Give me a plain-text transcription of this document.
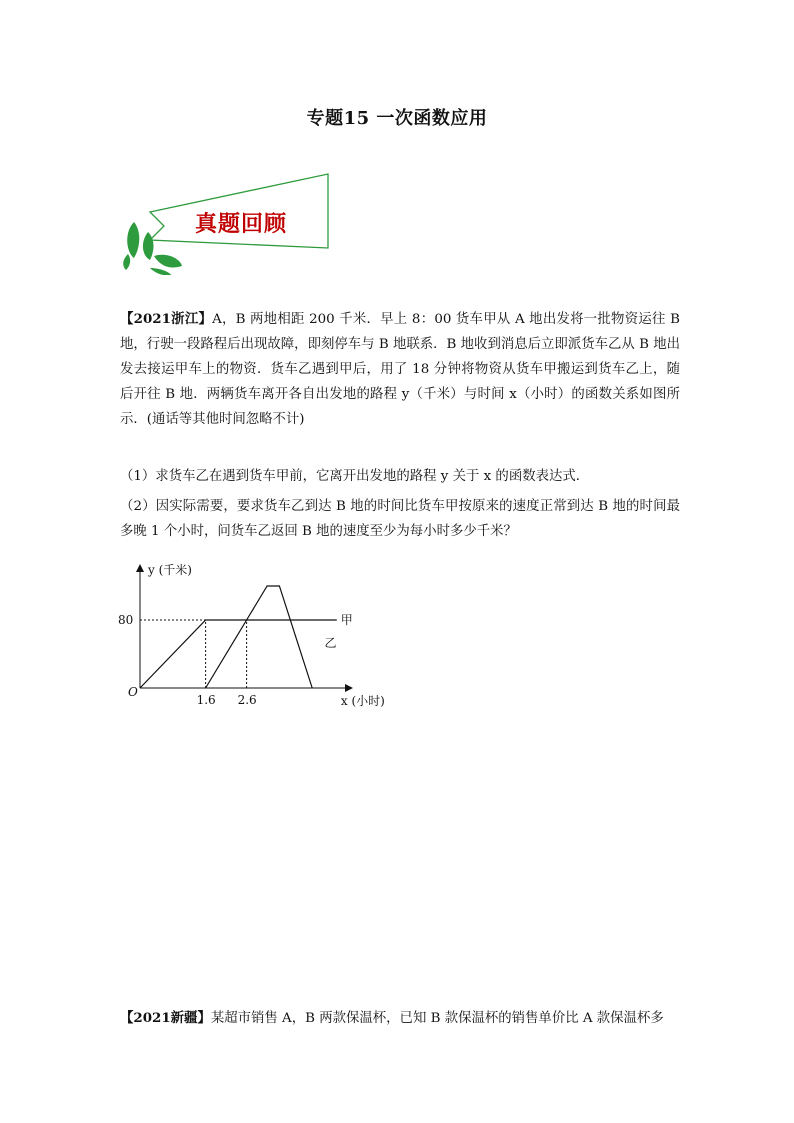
专题15 一次函数应用
真题回顾

【2021浙江】A，B 两地相距 200 千米．早上 8：00 货车甲从 A 地出发将一批物资运往 B 地，行驶一段路程后出现故障，即刻停车与 B 地联系．B 地收到消息后立即派货车乙从 B 地出发去接运甲车上的物资．货车乙遇到甲后，用了 18 分钟将物资从货车甲搬运到货车乙上，随后开往 B 地．两辆货车离开各自出发地的路程 y（千米）与时间 x（小时）的函数关系如图所示．(通话等其他时间忽略不计)

（1）求货车乙在遇到货车甲前，它离开出发地的路程 y 关于 x 的函数表达式．

（2）因实际需要，要求货车乙到达 B 地的时间比货车甲按原来的速度正常到达 B 地的时间最多晚 1 个小时，问货车乙返回 B 地的速度至少为每小时多少千米？

y (千米)
x (小时)
O
80
1.6 2.6
甲
乙

【2021新疆】某超市销售 A，B 两款保温杯，已知 B 款保温杯的销售单价比 A 款保温杯多
